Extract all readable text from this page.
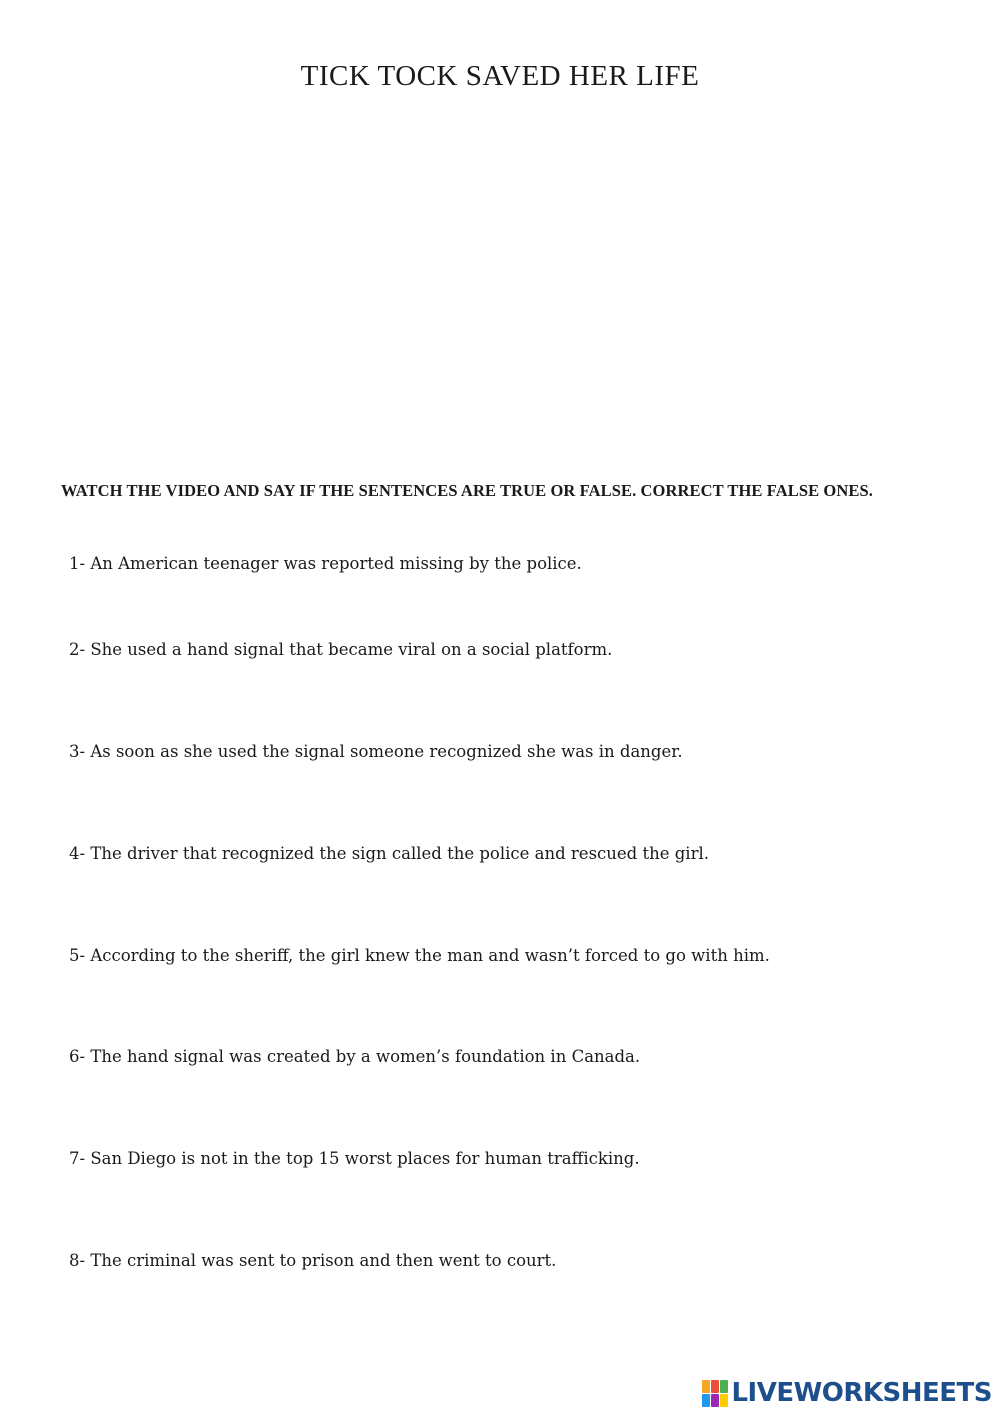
TICK TOCK SAVED HER LIFE

WATCH THE VIDEO AND SAY IF THE SENTENCES ARE TRUE OR FALSE. CORRECT THE FALSE ONES.

1- An American teenager was reported missing by the police.

2- She used a hand signal that became viral on a social platform.

3- As soon as she used the signal someone recognized she was in danger.

4- The driver that recognized the sign called the police and rescued the girl.

5- According to the sheriff, the girl knew the man and wasn’t forced to go with him.

6- The hand signal was created by a women’s foundation in Canada.

7- San Diego is not in the top 15 worst places for human trafficking.

8- The criminal was sent to prison and then went to court.

LIVEWORKSHEETS
